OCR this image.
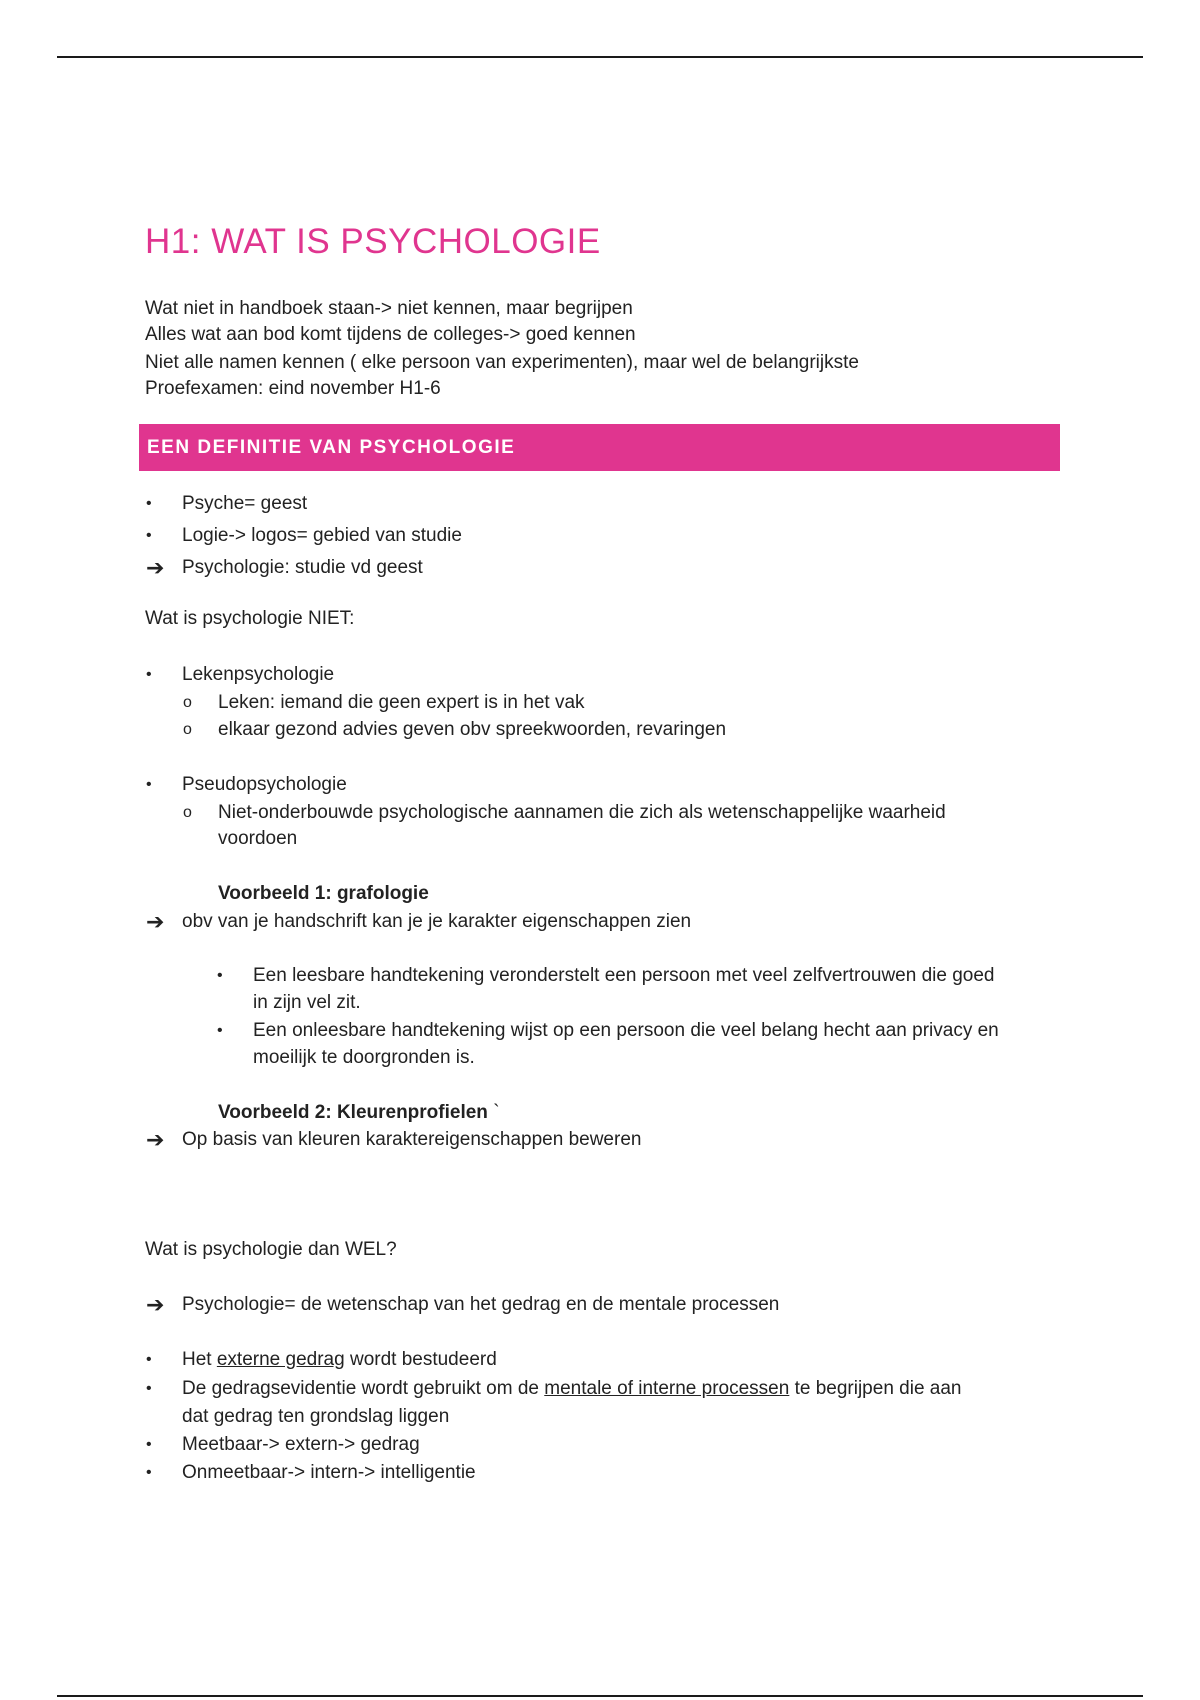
H1: WAT IS PSYCHOLOGIE
Wat niet in handboek staan-> niet kennen, maar begrijpen
Alles wat aan bod komt tijdens de colleges-> goed kennen
Niet alle namen kennen ( elke persoon van experimenten), maar wel de belangrijkste
Proefexamen: eind november H1-6
EEN DEFINITIE VAN PSYCHOLOGIE
• Psyche= geest
• Logie-> logos= gebied van studie
➔ Psychologie: studie vd geest
Wat is psychologie NIET:
• Lekenpsychologie
o Leken: iemand die geen expert is in het vak
o elkaar gezond advies geven obv spreekwoorden, revaringen
• Pseudopsychologie
o Niet-onderbouwde psychologische aannamen die zich als wetenschappelijke waarheid
voordoen
Voorbeeld 1: grafologie
➔ obv van je handschrift kan je je karakter eigenschappen zien
• Een leesbare handtekening veronderstelt een persoon met veel zelfvertrouwen die goed
in zijn vel zit.
• Een onleesbare handtekening wijst op een persoon die veel belang hecht aan privacy en
moeilijk te doorgronden is.
Voorbeeld 2: Kleurenprofielen `
➔ Op basis van kleuren karaktereigenschappen beweren
Wat is psychologie dan WEL?
➔ Psychologie= de wetenschap van het gedrag en de mentale processen
• Het externe gedrag wordt bestudeerd
• De gedragsevidentie wordt gebruikt om de mentale of interne processen te begrijpen die aan
dat gedrag ten grondslag liggen
• Meetbaar-> extern-> gedrag
• Onmeetbaar-> intern-> intelligentie
